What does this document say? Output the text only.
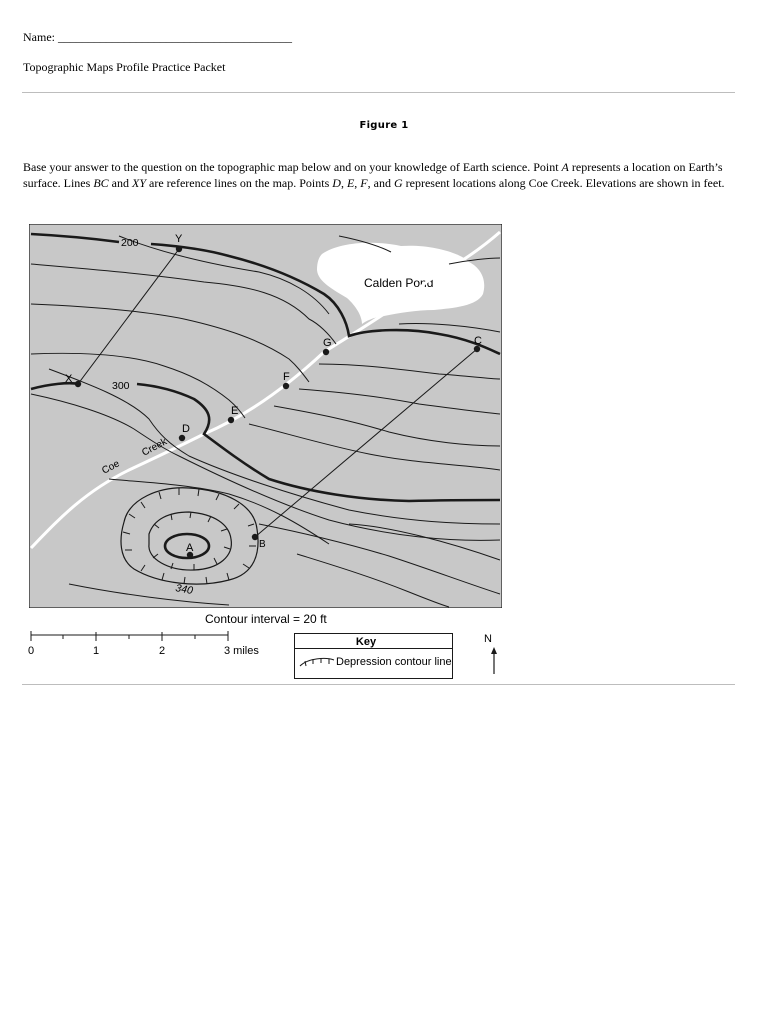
Name: _______________________________________
Topographic Maps Profile Practice Packet
Figure 1
Base your answer to the question on the topographic map below and on your knowledge of Earth science. Point A represents a location on Earth’s surface. Lines BC and XY are reference lines on the map. Points D, E, F, and G represent locations along Coe Creek. Elevations are shown in feet.
Calden Pond
Coe
Creek
200
300
340
Y
X
G
F
E
D
C
B
A
Contour interval = 20 ft
0	1	2	3 miles
Key
Depression contour line
N
